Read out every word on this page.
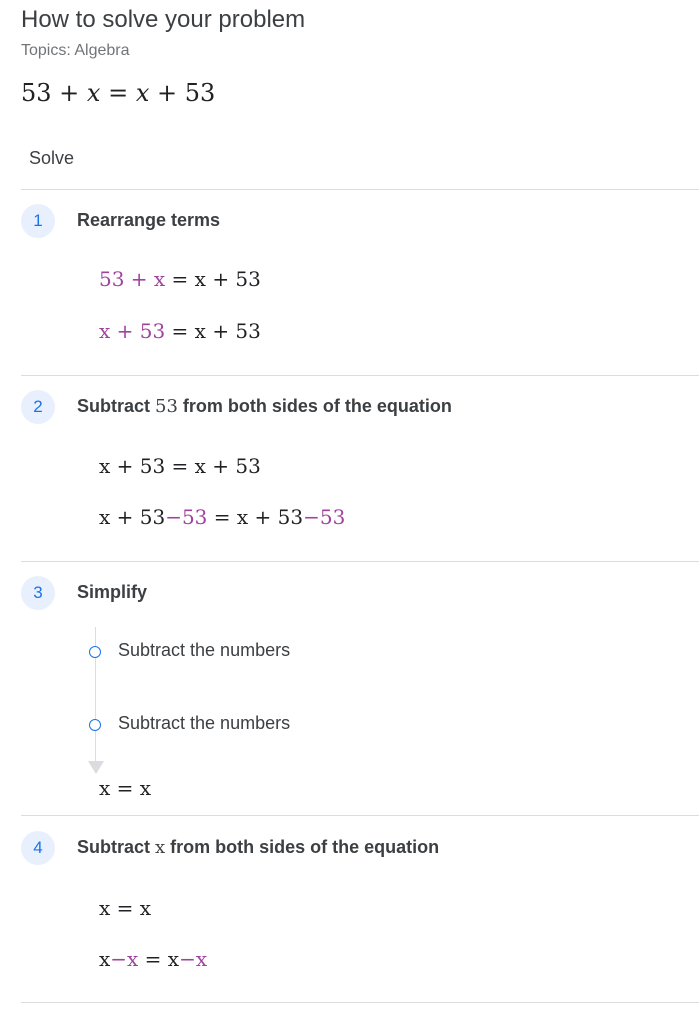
How to solve your problem
Topics: Algebra
53 + x = x + 53
Solve
1	Rearrange terms
53 + x = x + 53
x + 53 = x + 53
2	Subtract 53 from both sides of the equation
x + 53 = x + 53
x + 53−53 = x + 53−53
3	Simplify
Subtract the numbers
Subtract the numbers
x = x
4	Subtract x from both sides of the equation
x = x
x−x = x−x
